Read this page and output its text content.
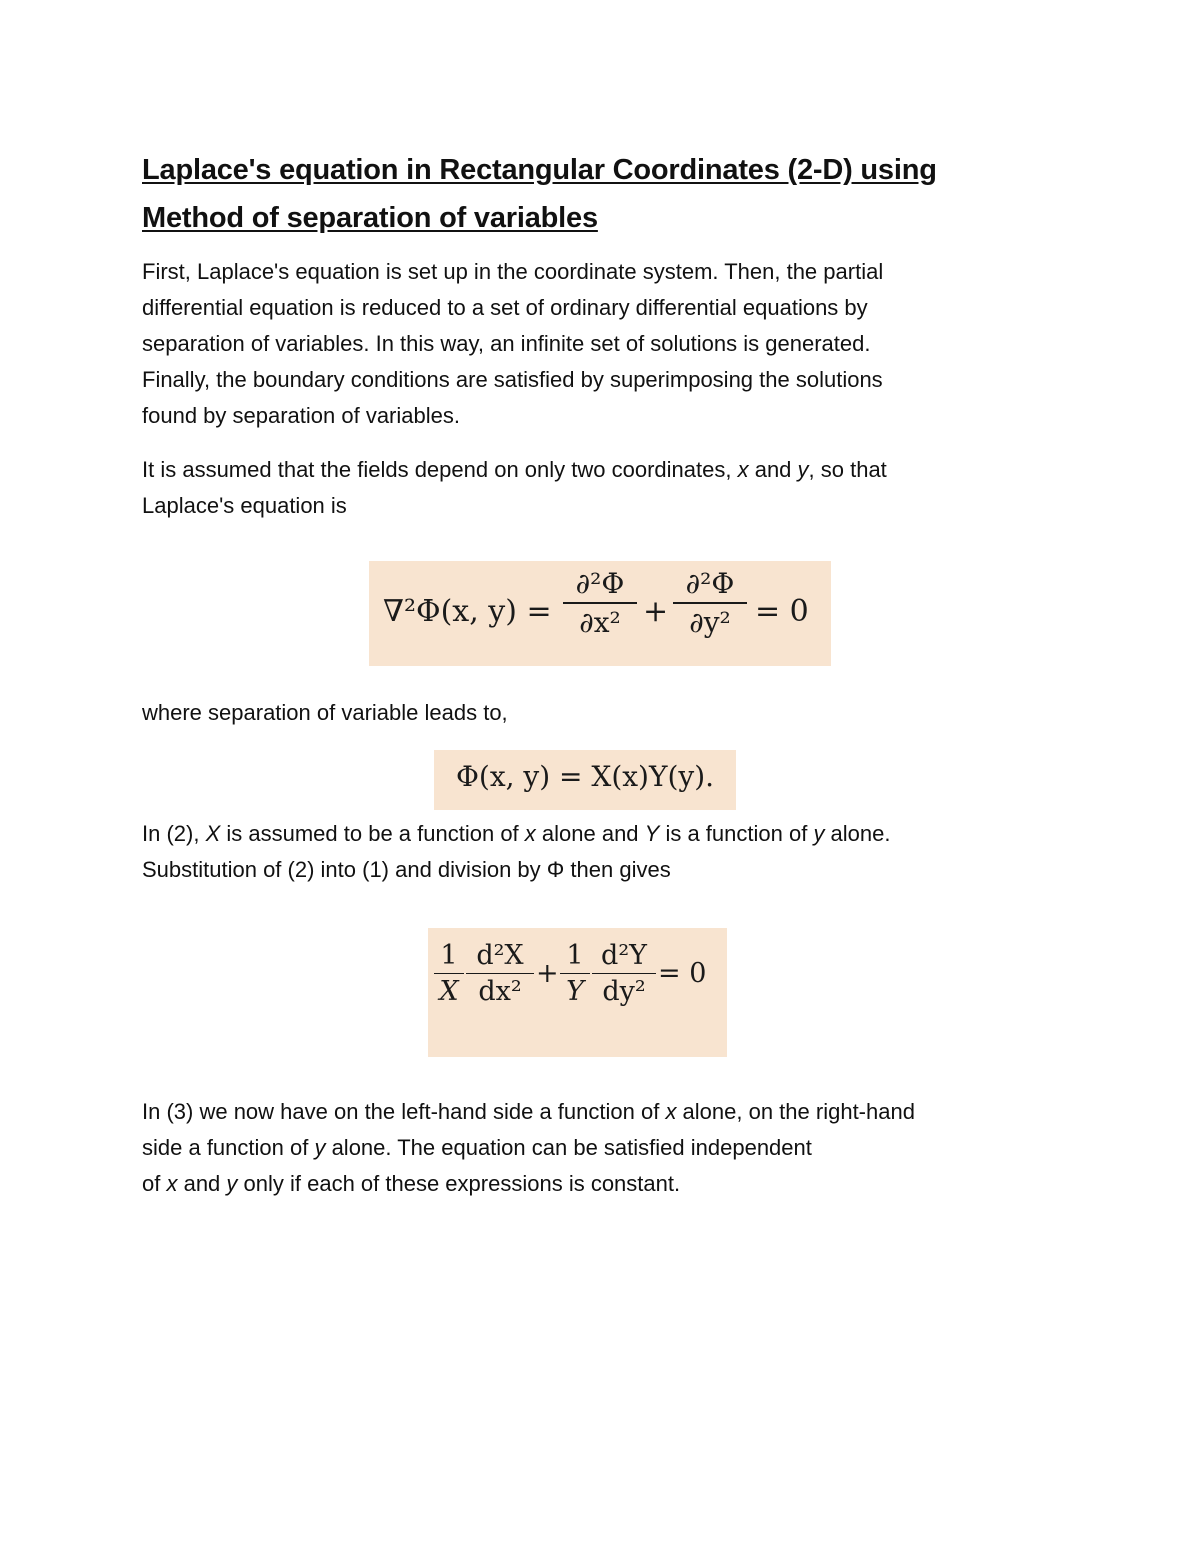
Laplace's equation in Rectangular Coordinates (2-D) using
Method of separation of variables

First, Laplace's equation is set up in the coordinate system. Then, the partial
differential equation is reduced to a set of ordinary differential equations by
separation of variables. In this way, an infinite set of solutions is generated.
Finally, the boundary conditions are satisfied by superimposing the solutions
found by separation of variables.

It is assumed that the fields depend on only two coordinates, x and y, so that
Laplace's equation is

∇²Φ(x, y) =
∂²Φ
∂x² +
∂²Φ
∂y² = 0

where separation of variable leads to,

Φ(x, y) = X(x)Y(y).

In (2), X is assumed to be a function of x alone and Y is a function of y alone.
Substitution of (2) into (1) and division by Φ then gives

1
X
d²X
dx²
+
1
Y
d²Y
dy²
= 0

In (3) we now have on the left-hand side a function of x alone, on the right-hand
side a function of y alone. The equation can be satisfied independent
of x and y only if each of these expressions is constant.
